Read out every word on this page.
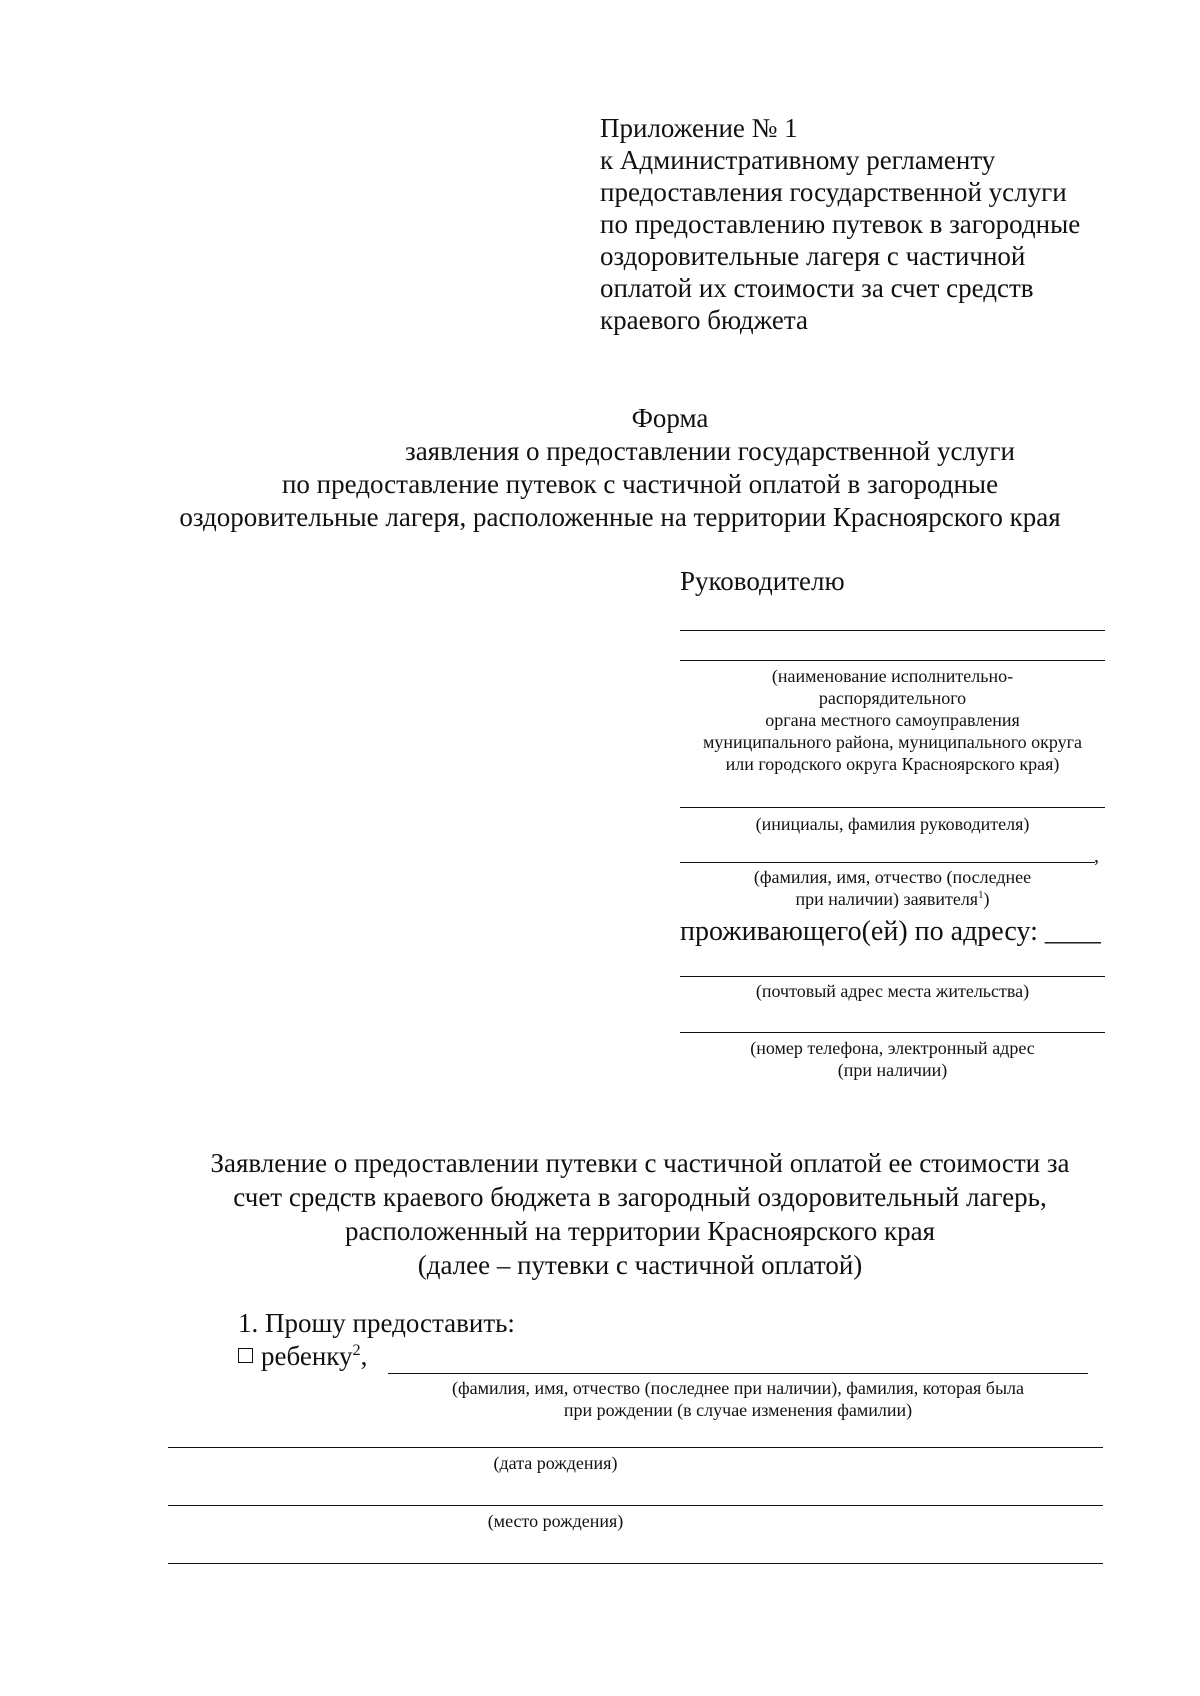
Приложение № 1
к Административному регламенту
предоставления государственной услуги
по предоставлению путевок в загородные
оздоровительные лагеря с частичной
оплатой их стоимости за счет средств
краевого бюджета
Форма
заявления о предоставлении государственной услуги
по предоставление путевок с частичной оплатой в загородные
оздоровительные лагеря, расположенные на территории Красноярского края
Руководителю
(наименование исполнительно-
распорядительного
органа местного самоуправления
муниципального района, муниципального округа
или городского округа Красноярского края)
(инициалы, фамилия руководителя)
,
(фамилия, имя, отчество (последнее
при наличии) заявителя$^1$)
проживающего(ей) по адресу: ____
(почтовый адрес места жительства)
(номер телефона, электронный адрес
(при наличии)
Заявление о предоставлении путевки с частичной оплатой ее стоимости за
счет средств краевого бюджета в загородный оздоровительный лагерь,
расположенный на территории Красноярского края
(далее – путевки с частичной оплатой)
1. Прошу предоставить:
ребенку$^2$,
(фамилия, имя, отчество (последнее при наличии), фамилия, которая была
при рождении (в случае изменения фамилии)
(дата рождения)
(место рождения)
